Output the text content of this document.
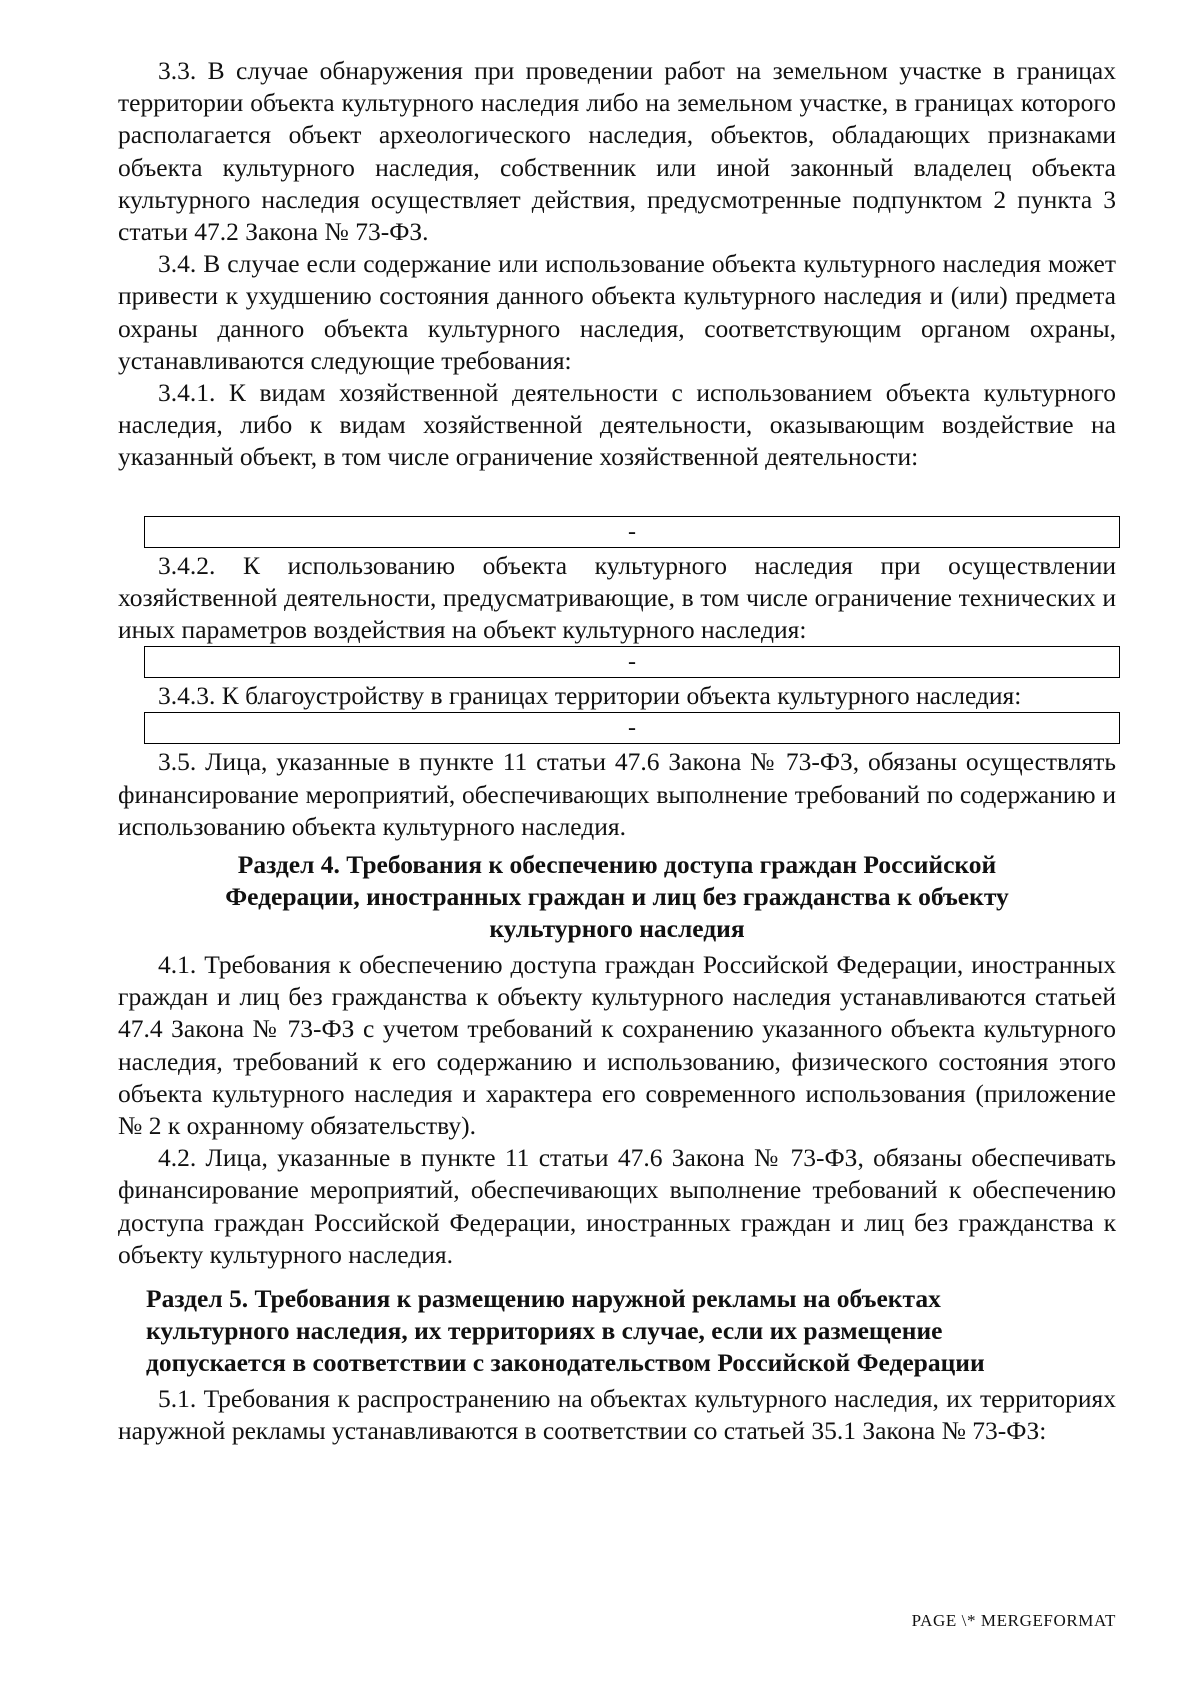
3.3. В случае обнаружения при проведении работ на земельном участке в границах территории объекта культурного наследия либо на земельном участке, в границах которого располагается объект археологического наследия, объектов, обладающих признаками объекта культурного наследия, собственник или иной законный владелец объекта культурного наследия осуществляет действия, предусмотренные подпунктом 2 пункта 3 статьи 47.2 Закона № 73-ФЗ.

3.4. В случае если содержание или использование объекта культурного наследия может привести к ухудшению состояния данного объекта культурного наследия и (или) предмета охраны данного объекта культурного наследия, соответствующим органом охраны, устанавливаются следующие требования:

3.4.1. К видам хозяйственной деятельности с использованием объекта культурного наследия, либо к видам хозяйственной деятельности, оказывающим воздействие на указанный объект, в том числе ограничение хозяйственной деятельности:

-

3.4.2. К использованию объекта культурного наследия при осуществлении хозяйственной деятельности, предусматривающие, в том числе ограничение технических и иных параметров воздействия на объект культурного наследия:

-

3.4.3. К благоустройству в границах территории объекта культурного наследия:

-

3.5. Лица, указанные в пункте 11 статьи 47.6 Закона № 73-ФЗ, обязаны осуществлять финансирование мероприятий, обеспечивающих выполнение требований по содержанию и использованию объекта культурного наследия.

Раздел 4. Требования к обеспечению доступа граждан Российской
Федерации, иностранных граждан и лиц без гражданства к объекту
культурного наследия

4.1. Требования к обеспечению доступа граждан Российской Федерации, иностранных граждан и лиц без гражданства к объекту культурного наследия устанавливаются статьей 47.4 Закона № 73-ФЗ с учетом требований к сохранению указанного объекта культурного наследия, требований к его содержанию и использованию, физического состояния этого объекта культурного наследия и характера его современного использования (приложение № 2 к охранному обязательству).

4.2. Лица, указанные в пункте 11 статьи 47.6 Закона № 73-ФЗ, обязаны обеспечивать финансирование мероприятий, обеспечивающих выполнение требований к обеспечению доступа граждан Российской Федерации, иностранных граждан и лиц без гражданства к объекту культурного наследия.

Раздел 5. Требования к размещению наружной рекламы на объектах
культурного наследия, их территориях в случае, если их размещение
допускается в соответствии с законодательством Российской Федерации

5.1. Требования к распространению на объектах культурного наследия, их территориях наружной рекламы устанавливаются в соответствии со статьей 35.1 Закона № 73-ФЗ:

PAGE \* MERGEFORMAT
